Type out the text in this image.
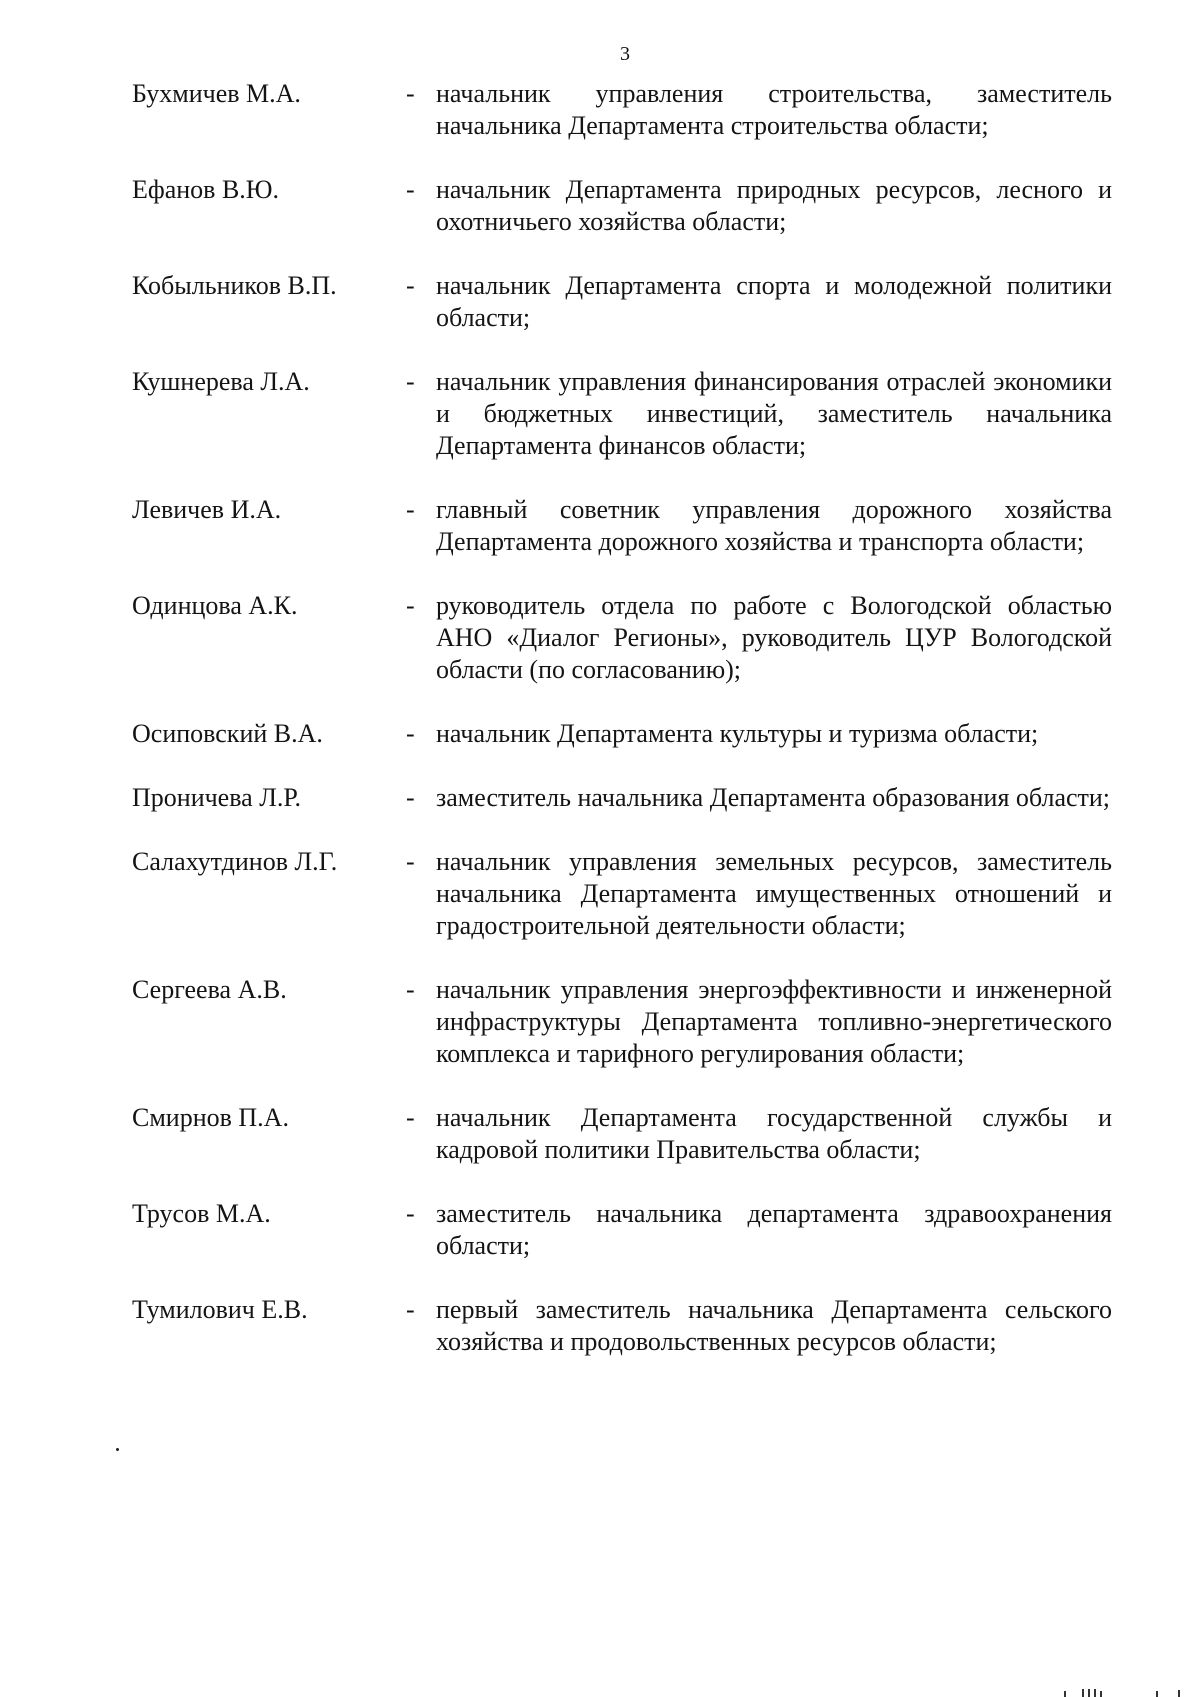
3
Бухмичев М.А.	- начальник управления строительства, заместитель начальника Департамента строительства области;
Ефанов В.Ю.	- начальник Департамента природных ресурсов, лесного и охотничьего хозяйства области;
Кобыльников В.П.	- начальник Департамента спорта и молодежной политики области;
Кушнерева Л.А.	- начальник управления финансирования отраслей экономики и бюджетных инвестиций, заместитель начальника Департамента финансов области;
Левичев И.А.	- главный советник управления дорожного хозяйства Департамента дорожного хозяйства и транспорта области;
Одинцова А.К.	- руководитель отдела по работе с Вологодской областью АНО «Диалог Регионы», руководитель ЦУР Вологодской области (по согласованию);
Осиповский В.А.	- начальник Департамента культуры и туризма области;
Проничева Л.Р.	- заместитель начальника Департамента образования области;
Салахутдинов Л.Г.	- начальник управления земельных ресурсов, заместитель начальника Департамента имущественных отношений и градостроительной деятельности области;
Сергеева А.В.	- начальник управления энергоэффективности и инженерной инфраструктуры Департамента топливно-энергетического комплекса и тарифного регулирования области;
Смирнов П.А.	- начальник Департамента государственной службы и кадровой политики Правительства области;
Трусов М.А.	- заместитель начальника департамента здравоохранения области;
Тумилович Е.В.	- первый заместитель начальника Департамента сельского хозяйства и продовольственных ресурсов области;
